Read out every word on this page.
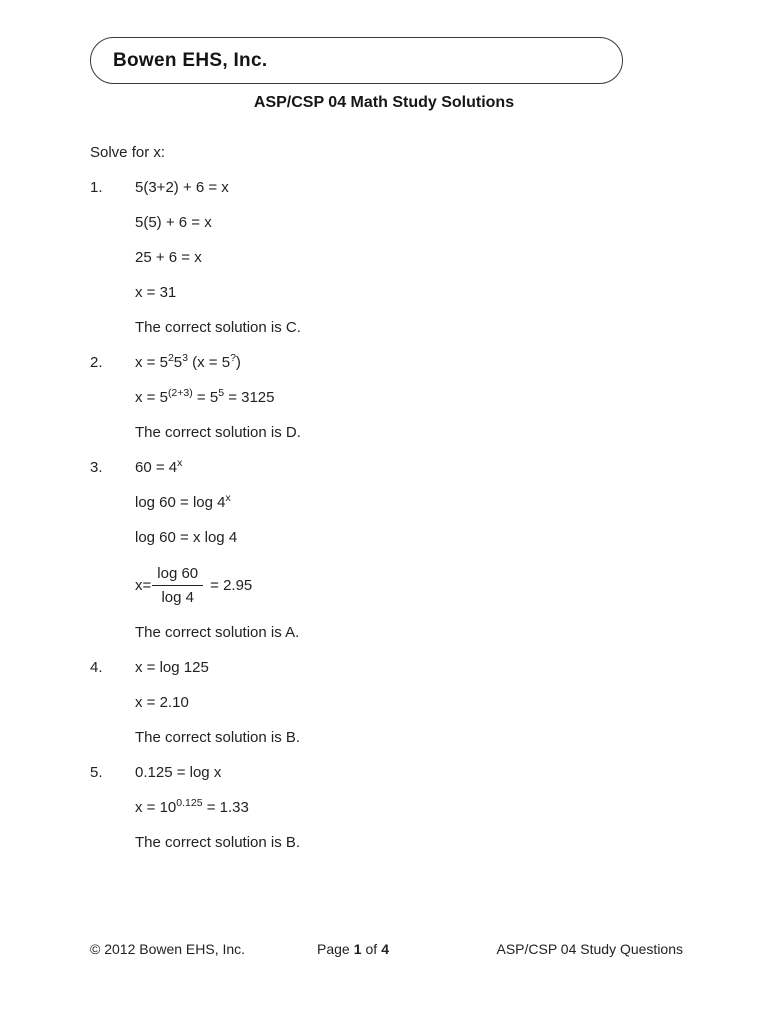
Bowen EHS, Inc.
ASP/CSP 04 Math Study Solutions
Solve for x:
1.	5(3+2) + 6 = x
5(5) + 6 = x
25 + 6 = x
x = 31
The correct solution is C.
2.	$x = 5^25^3$ (x = 5?)
$x = 5^{(2+3)} = 5^5 = 3125$
The correct solution is D.
3.	$60 = 4^x$
log 60 = log 4$^x$
log 60 = x log 4
$x= \frac{\log 60}{\log 4} = 2.95$
The correct solution is A.
4.	x = log 125
x = 2.10
The correct solution is B.
5.	0.125 = log x
$x = 10^{0.125} = 1.33$
The correct solution is B.
© 2012 Bowen EHS, Inc.	Page 1 of 4	ASP/CSP 04 Study Questions
